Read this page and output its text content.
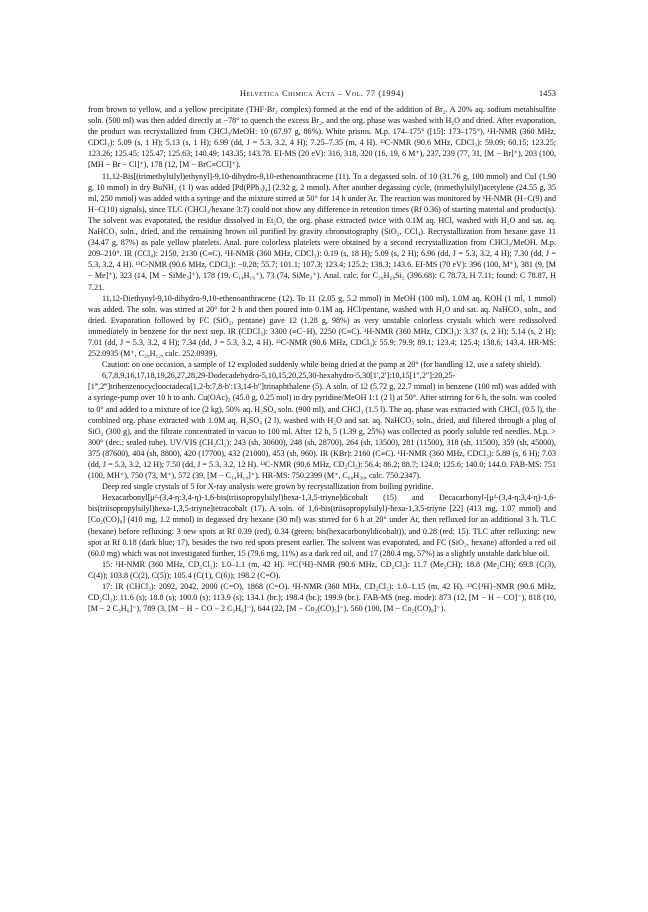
Helvetica Chimica Acta – Vol. 77 (1994)	1453

from brown to yellow, and a yellow precipitate (THF·Br₂ complex) formed at the end of the addition of Br₂. A 20% aq. sodium metabisulfite soln. (500 ml) was then added directly at −78° to quench the excess Br₂, and the org. phase was washed with H₂O and dried. After evaporation, the product was recrystallized from CHCl₃/MeOH: 10 (67.97 g, 86%). White prisms. M.p. 174–175° ([15]: 173–175°). ¹H-NMR (360 MHz, CDCl₃): 5.09 (s, 1 H); 5.13 (s, 1 H); 6.99 (dd, J = 5.3, 3.2, 4 H); 7.25–7.35 (m, 4 H). ¹³C-NMR (90.6 MHz, CDCl₃): 59.09; 60.15; 123.25; 123.26; 125.45; 125.47; 125.63; 140.49; 143.35; 143.78. EI-MS (20 eV): 316, 318, 320 (16, 19, 6 M⁺), 237, 239 (77, 31, [M − Br]⁺), 203 (100, [MH − Br − Cl]⁺), 178 (12, [M − BrC≡CCl]⁺).

11,12-Bis[(trimethylsilyl)ethynyl]-9,10-dihydro-9,10-ethenoanthracene (11). To a degassed soln. of 10 (31.76 g, 100 mmol) and CuI (1.90 g, 10 mmol) in dry BuNH₂ (1 l) was added [Pd(PPh₃)₄] (2.32 g, 2 mmol). After another degassing cycle, (trimethylsilyl)acetylene (24.55 g, 35 ml, 250 mmol) was added with a syringe and the mixture stirred at 50° for 14 h under Ar. The reaction was monitored by ¹H-NMR (H−C(9) and H−C(10) signals), since TLC (CHCl₃/hexane 3:7) could not show any difference in retention times (Rf 0.36) of starting material and product(s). The solvent was evaporated, the residue dissolved in Et₂O, the org. phase extracted twice with 0.1M aq. HCl, washed with H₂O and sat. aq. NaHCO₃ soln., dried, and the remaining brown oil purified by gravity chromatography (SiO₂, CCl₄). Recrystallization from hexane gave 11 (34.47 g, 87%) as pale yellow platelets. Anal. pure colorless platelets were obtained by a second recrystallization from CHCl₃/MeOH. M.p. 209–210°. IR (CCl₄): 2150, 2130 (C≡C). ¹H-NMR (360 MHz, CDCl₃): 0.19 (s, 18 H); 5.09 (s, 2 H); 6.96 (dd, J = 5.3, 3.2, 4 H); 7.30 (dd, J = 5.3, 3.2, 4 H). ¹³C-NMR (90.6 MHz, CDCl₃): −0.28; 55.7; 101.1; 107.3; 123.4; 125.2; 138.3; 143.6. EI-MS (70 eV): 396 (100, M⁺), 381 (9, [M − Me]⁺), 323 (14, [M − SiMe₃]⁺), 178 (19, C₁₄H₁₀⁺), 73 (74, SiMe₃⁺). Anal. calc. for C₂₆H₂₈Si₂ (396.68): C 78.73, H 7.11; found: C 78.87, H 7.21.

11,12-Diethynyl-9,10-dihydro-9,10-ethenoanthracene (12). To 11 (2.05 g, 5.2 mmol) in MeOH (100 ml), 1.0M aq. KOH (1 ml, 1 mmol) was added. The soln. was stirred at 20° for 2 h and then poured into 0.1M aq. HCl/pentane, washed with H₂O and sat. aq. NaHCO₃ soln., and dried. Evaporation followed by FC (SiO₂, pentane) gave 12 (1.28 g, 98%) as very unstable colorless crystals which were redissolved immediately in benzene for the next step. IR (CDCl₃): 3300 (≡C−H), 2250 (C≡C). ¹H-NMR (360 MHz, CDCl₃): 3.37 (s, 2 H); 5.14 (s, 2 H); 7.01 (dd, J = 5.3, 3.2, 4 H); 7.34 (dd, J = 5.3, 3.2, 4 H). ¹³C-NMR (90.6 MHz, CDCl₃): 55.9; 79.9; 89.1; 123.4; 125.4; 138.6; 143.4. HR-MS: 252.0935 (M⁺, C₂₀H₁₂, calc. 252.0939).

Caution: on one occasion, a sample of 12 exploded suddenly while being dried at the pump at 20° (for handling 12, use a safety shield).

6,7,8,9,16,17,18,19,26,27,28,29-Dodecadehydro-5,10,15,20,25,30-hexahydro-5,30[1′,2′]:10,15[1″,2″]:20,25-[1‴,2‴]tribenzenocyclooctadeca[1,2-b:7,8-b′:13,14-b″]trinaphthalene (5). A soln. of 12 (5.72 g, 22.7 mmol) in benzene (100 ml) was added with a syringe-pump over 10 h to anh. Cu(OAc)₂ (45.0 g, 0.25 mol) in dry pyridine/MeOH 1:1 (2 l) at 50°. After stirring for 6 h, the soln. was cooled to 0° and added to a mixture of ice (2 kg), 50% aq. H₂SO₄ soln. (900 ml), and CHCl₃ (1.5 l). The aq. phase was extracted with CHCl₃ (0.5 l), the combined org. phase extracted with 1.0M aq. H₂SO₄ (2 l), washed with H₂O and sat. aq. NaHCO₃ soln., dried, and filtered through a plug of SiO₂ (300 g), and the filtrate concentrated in vacuo to 100 ml. After 12 h, 5 (1.39 g, 25%) was collected as poorly soluble red needles. M.p. > 300° (dec.; sealed tube). UV/VIS (CH₂Cl₂): 243 (sh, 30600), 248 (sh, 28700), 264 (sh, 13500), 281 (11500), 318 (sh, 11500), 359 (sh, 45000), 375 (87600), 404 (sh, 8800), 420 (17700), 432 (21000), 453 (sh, 960). IR (KBr): 2160 (C≡C). ¹H-NMR (360 MHz, CDCl₃): 5.89 (s, 6 H); 7.03 (dd, J = 5.3, 3.2, 12 H); 7.50 (dd, J = 5.3, 3.2, 12 H). ¹³C-NMR (90.6 MHz, CD₂Cl₂): 56.4; 86.2; 88.7; 124.0; 125.6; 140.0; 144.0. FAB-MS: 751 (100, MH⁺), 750 (73, M⁺), 572 (39, [M − C₁₄H₁₀]⁺). HR-MS: 750.2399 (M⁺, C₆₀H₃₀, calc. 750.2347).

Deep red single crystals of 5 for X-ray analysis were grown by recrystallization from boiling pyridine.

Hexacarbonyl[μ²-(3,4-η:3,4-η)-1,6-bis(triisopropylsilyl)hexa-1,3,5-triyne]dicobalt (15) and Decacarbonyl-[μ²-(3,4-η:3,4-η)-1,6-bis(triisopropylsilyl)hexa-1,3,5-triyne]tetracobalt (17). A soln. of 1,6-bis(triisopropylsilyl)-hexa-1,3,5-triyne [22] (413 mg, 1.07 mmol) and [Co₂(CO)₈] (410 mg, 1.2 mmol) in degassed dry hexane (30 ml) was stirred for 6 h at 20° under Ar, then refluxed for an additional 3 h. TLC (hexane) before refluxing: 3 new spots at Rf 0.39 (red), 0.34 (green; bis(hexacarbonyldicobalt)), and 0.28 (red; 15). TLC after refluxing: new spot at Rf 0.18 (dark blue; 17), besides the two red spots present earlier. The solvent was evaporated, and FC (SiO₂, hexane) afforded a red oil (60.0 mg) which was not investigated further, 15 (79.6 mg, 11%) as a dark red oil, and 17 (280.4 mg, 57%) as a slightly unstable dark blue oil.

15: ¹H-NMR (360 MHz, CD₂Cl₂): 1.0–1.1 (m, 42 H). ¹³C{¹H}-NMR (90.6 MHz, CD₂Cl₂): 11.7 (Me₂CH); 18.8 (Me₂CH); 69.8 (C(3), C(4)); 103.8 (C(2), C(5)); 105.4 (C(1), C(6)); 198.2 (C=O).

17: IR (CHCl₃): 2092, 2042, 2000 (C=O), 1868 (C=O). ¹H-NMR (360 MHz, CD₂Cl₂): 1.0–1.15 (m, 42 H). ¹³C{¹H}-NMR (90.6 MHz, CD₂Cl₂): 11.6 (s); 18.8 (s); 100.0 (s); 113.9 (s); 134.1 (br.); 198.4 (br.); 199.9 (br.). FAB-MS (neg. mode): 873 (12, [M − H − CO]⁻), 818 (10, [M − 2 C₃H₆]⁻), 789 (3, [M − H − CO − 2 C₃H₆]⁻), 644 (22, [M − Co₂(CO)₅]⁻), 560 (100, [M − Co₂(CO)₈]⁻).
